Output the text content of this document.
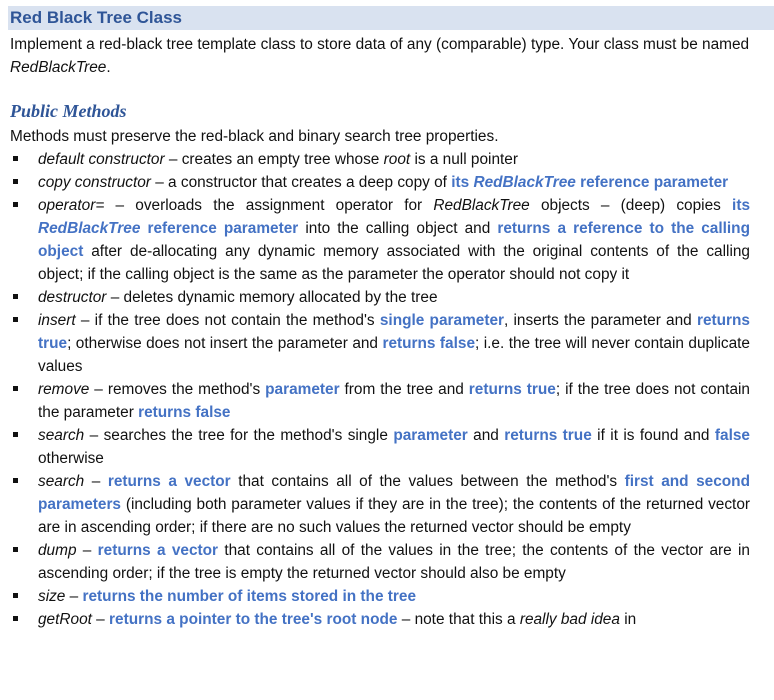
Red Black Tree Class

Implement a red-black tree template class to store data of any (comparable) type. Your class must be named RedBlackTree.

Public Methods

Methods must preserve the red-black and binary search tree properties.

default constructor – creates an empty tree whose root is a null pointer
copy constructor – a constructor that creates a deep copy of its RedBlackTree reference parameter
operator= – overloads the assignment operator for RedBlackTree objects – (deep) copies its RedBlackTree reference parameter into the calling object and returns a reference to the calling object after de-allocating any dynamic memory associated with the original contents of the calling object; if the calling object is the same as the parameter the operator should not copy it
destructor – deletes dynamic memory allocated by the tree
insert – if the tree does not contain the method's single parameter, inserts the parameter and returns true; otherwise does not insert the parameter and returns false; i.e. the tree will never contain duplicate values
remove – removes the method's parameter from the tree and returns true; if the tree does not contain the parameter returns false
search – searches the tree for the method's single parameter and returns true if it is found and false otherwise
search – returns a vector that contains all of the values between the method's first and second parameters (including both parameter values if they are in the tree); the contents of the returned vector are in ascending order; if there are no such values the returned vector should be empty
dump – returns a vector that contains all of the values in the tree; the contents of the vector are in ascending order; if the tree is empty the returned vector should also be empty
size – returns the number of items stored in the tree
getRoot – returns a pointer to the tree's root node – note that this a really bad idea in
